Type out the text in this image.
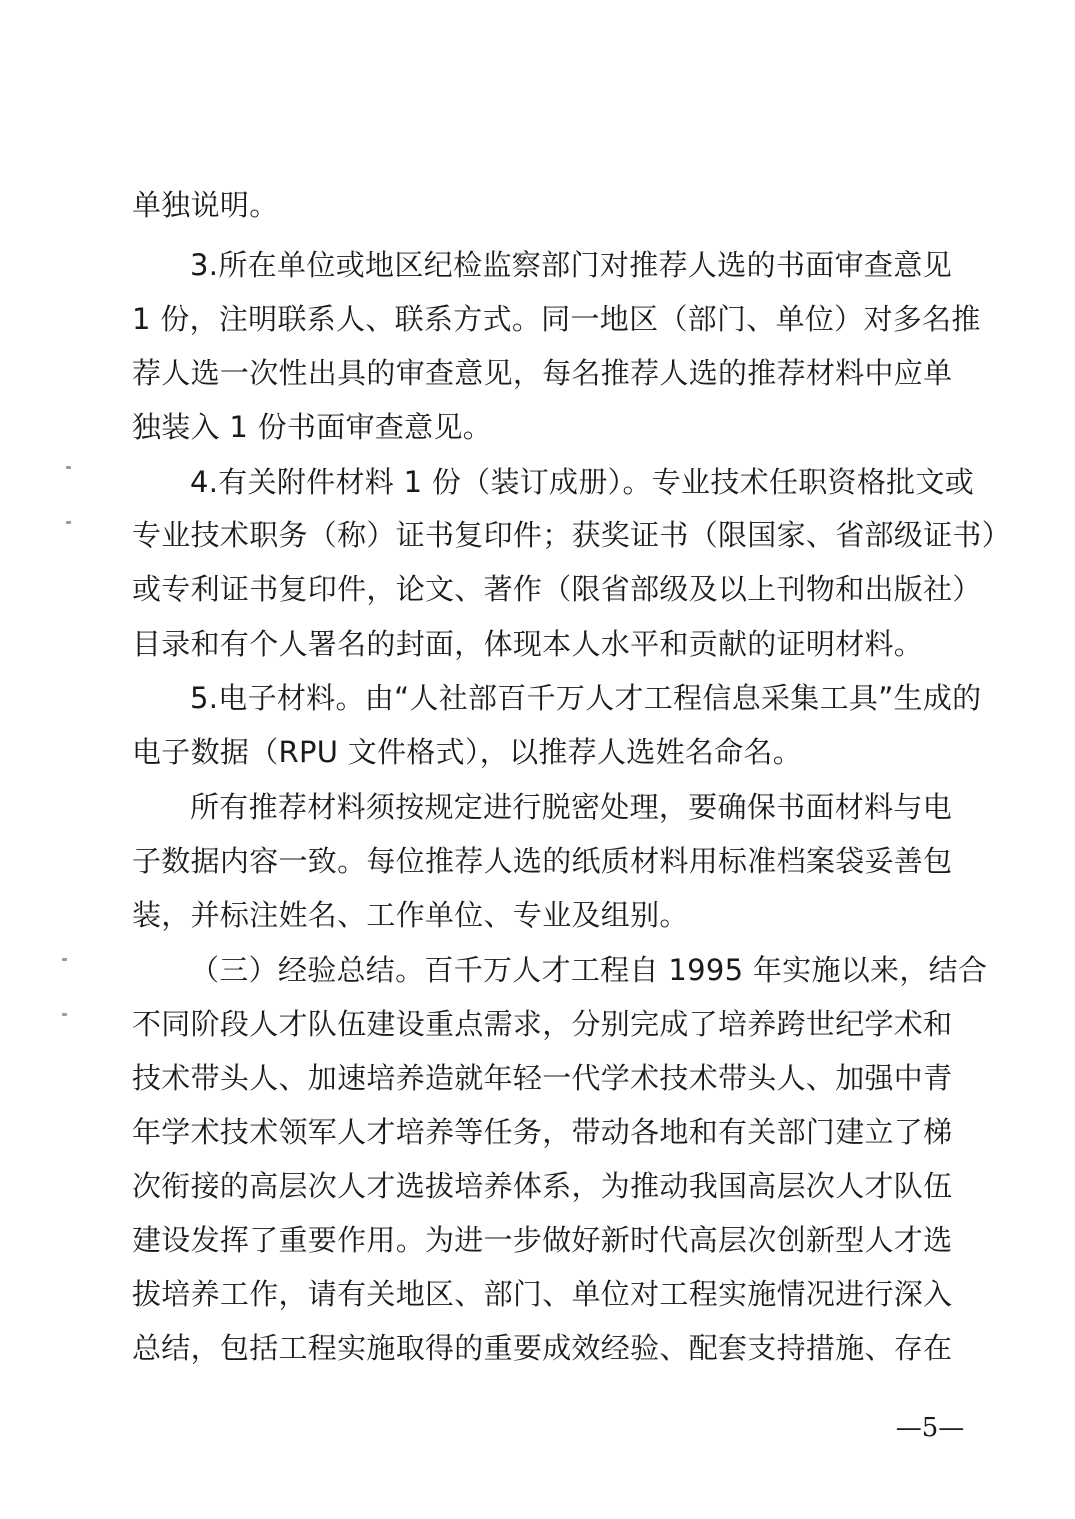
单独说明。
3.所在单位或地区纪检监察部门对推荐人选的书面审查意见
1 份，注明联系人、联系方式。同一地区（部门、单位）对多名推
荐人选一次性出具的审查意见，每名推荐人选的推荐材料中应单
独装入 1 份书面审查意见。
4.有关附件材料 1 份（装订成册）。专业技术任职资格批文或
专业技术职务（称）证书复印件；获奖证书（限国家、省部级证书）
或专利证书复印件，论文、著作（限省部级及以上刊物和出版社）
目录和有个人署名的封面，体现本人水平和贡献的证明材料。
5.电子材料。由“人社部百千万人才工程信息采集工具”生成的
电子数据（RPU 文件格式），以推荐人选姓名命名。
所有推荐材料须按规定进行脱密处理，要确保书面材料与电
子数据内容一致。每位推荐人选的纸质材料用标准档案袋妥善包
装，并标注姓名、工作单位、专业及组别。
（三）经验总结。百千万人才工程自 1995 年实施以来，结合
不同阶段人才队伍建设重点需求，分别完成了培养跨世纪学术和
技术带头人、加速培养造就年轻一代学术技术带头人、加强中青
年学术技术领军人才培养等任务，带动各地和有关部门建立了梯
次衔接的高层次人才选拔培养体系，为推动我国高层次人才队伍
建设发挥了重要作用。为进一步做好新时代高层次创新型人才选
拔培养工作，请有关地区、部门、单位对工程实施情况进行深入
总结，包括工程实施取得的重要成效经验、配套支持措施、存在
—5—
